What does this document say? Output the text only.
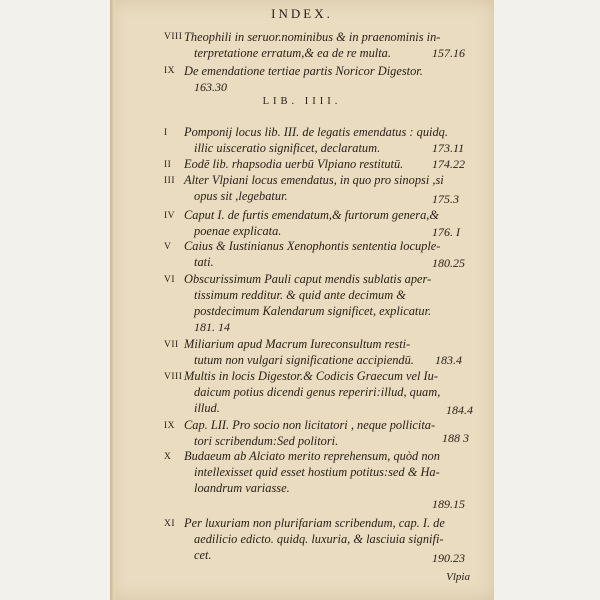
INDEX.
VIII Theophili in seruor.nominibus & in praenominis in-
terpretatione erratum,& ea de re multa.	157.16
IX De emendatione tertiae partis Noricor Digestor.
163.30
LIB. IIII.
I	Pomponij locus lib. III. de legatis emendatus : quidq.
illic uisceratio significet, declaratum.	173.11
II	Eodē lib. rhapsodia uerbū Vlpiano restitutū.	174.22
III Alter Vlpiani locus emendatus, in quo pro sinopsi ,si
opus sit ,legebatur.	175.3
IV Caput I. de furtis emendatum,& furtorum genera,&
poenae explicata.	176. I
V	Caius & Iustinianus Xenophontis sententia locuple-
tati.	180.25
VI Obscurissimum Pauli caput mendis sublatis aper-
tissimum redditur. & quid ante decimum &
postdecimum Kalendarum significet, explicatur.
181. 14
VII Miliarium apud Macrum Iureconsultum resti-
tutum non vulgari significatione accipiendū.	183.4
VIII Multis in locis Digestor.& Codicis Graecum vel Iu-
daicum potius dicendi genus reperiri:illud, quam,
illud.	184.4
IX Cap. LII. Pro socio non licitatori , neque pollicita-
tori scribendum:Sed politori.	188 3
X	Budaeum ab Alciato merito reprehensum, quòd non
intellexisset quid esset hostium potitus:sed & Ha-
loandrum variasse.
189.15
XI Per luxuriam non plurifariam scribendum, cap. I. de
aedilicio edicto. quidq. luxuria, & lasciuia signifi-
cet.	190.23
Vlpia
